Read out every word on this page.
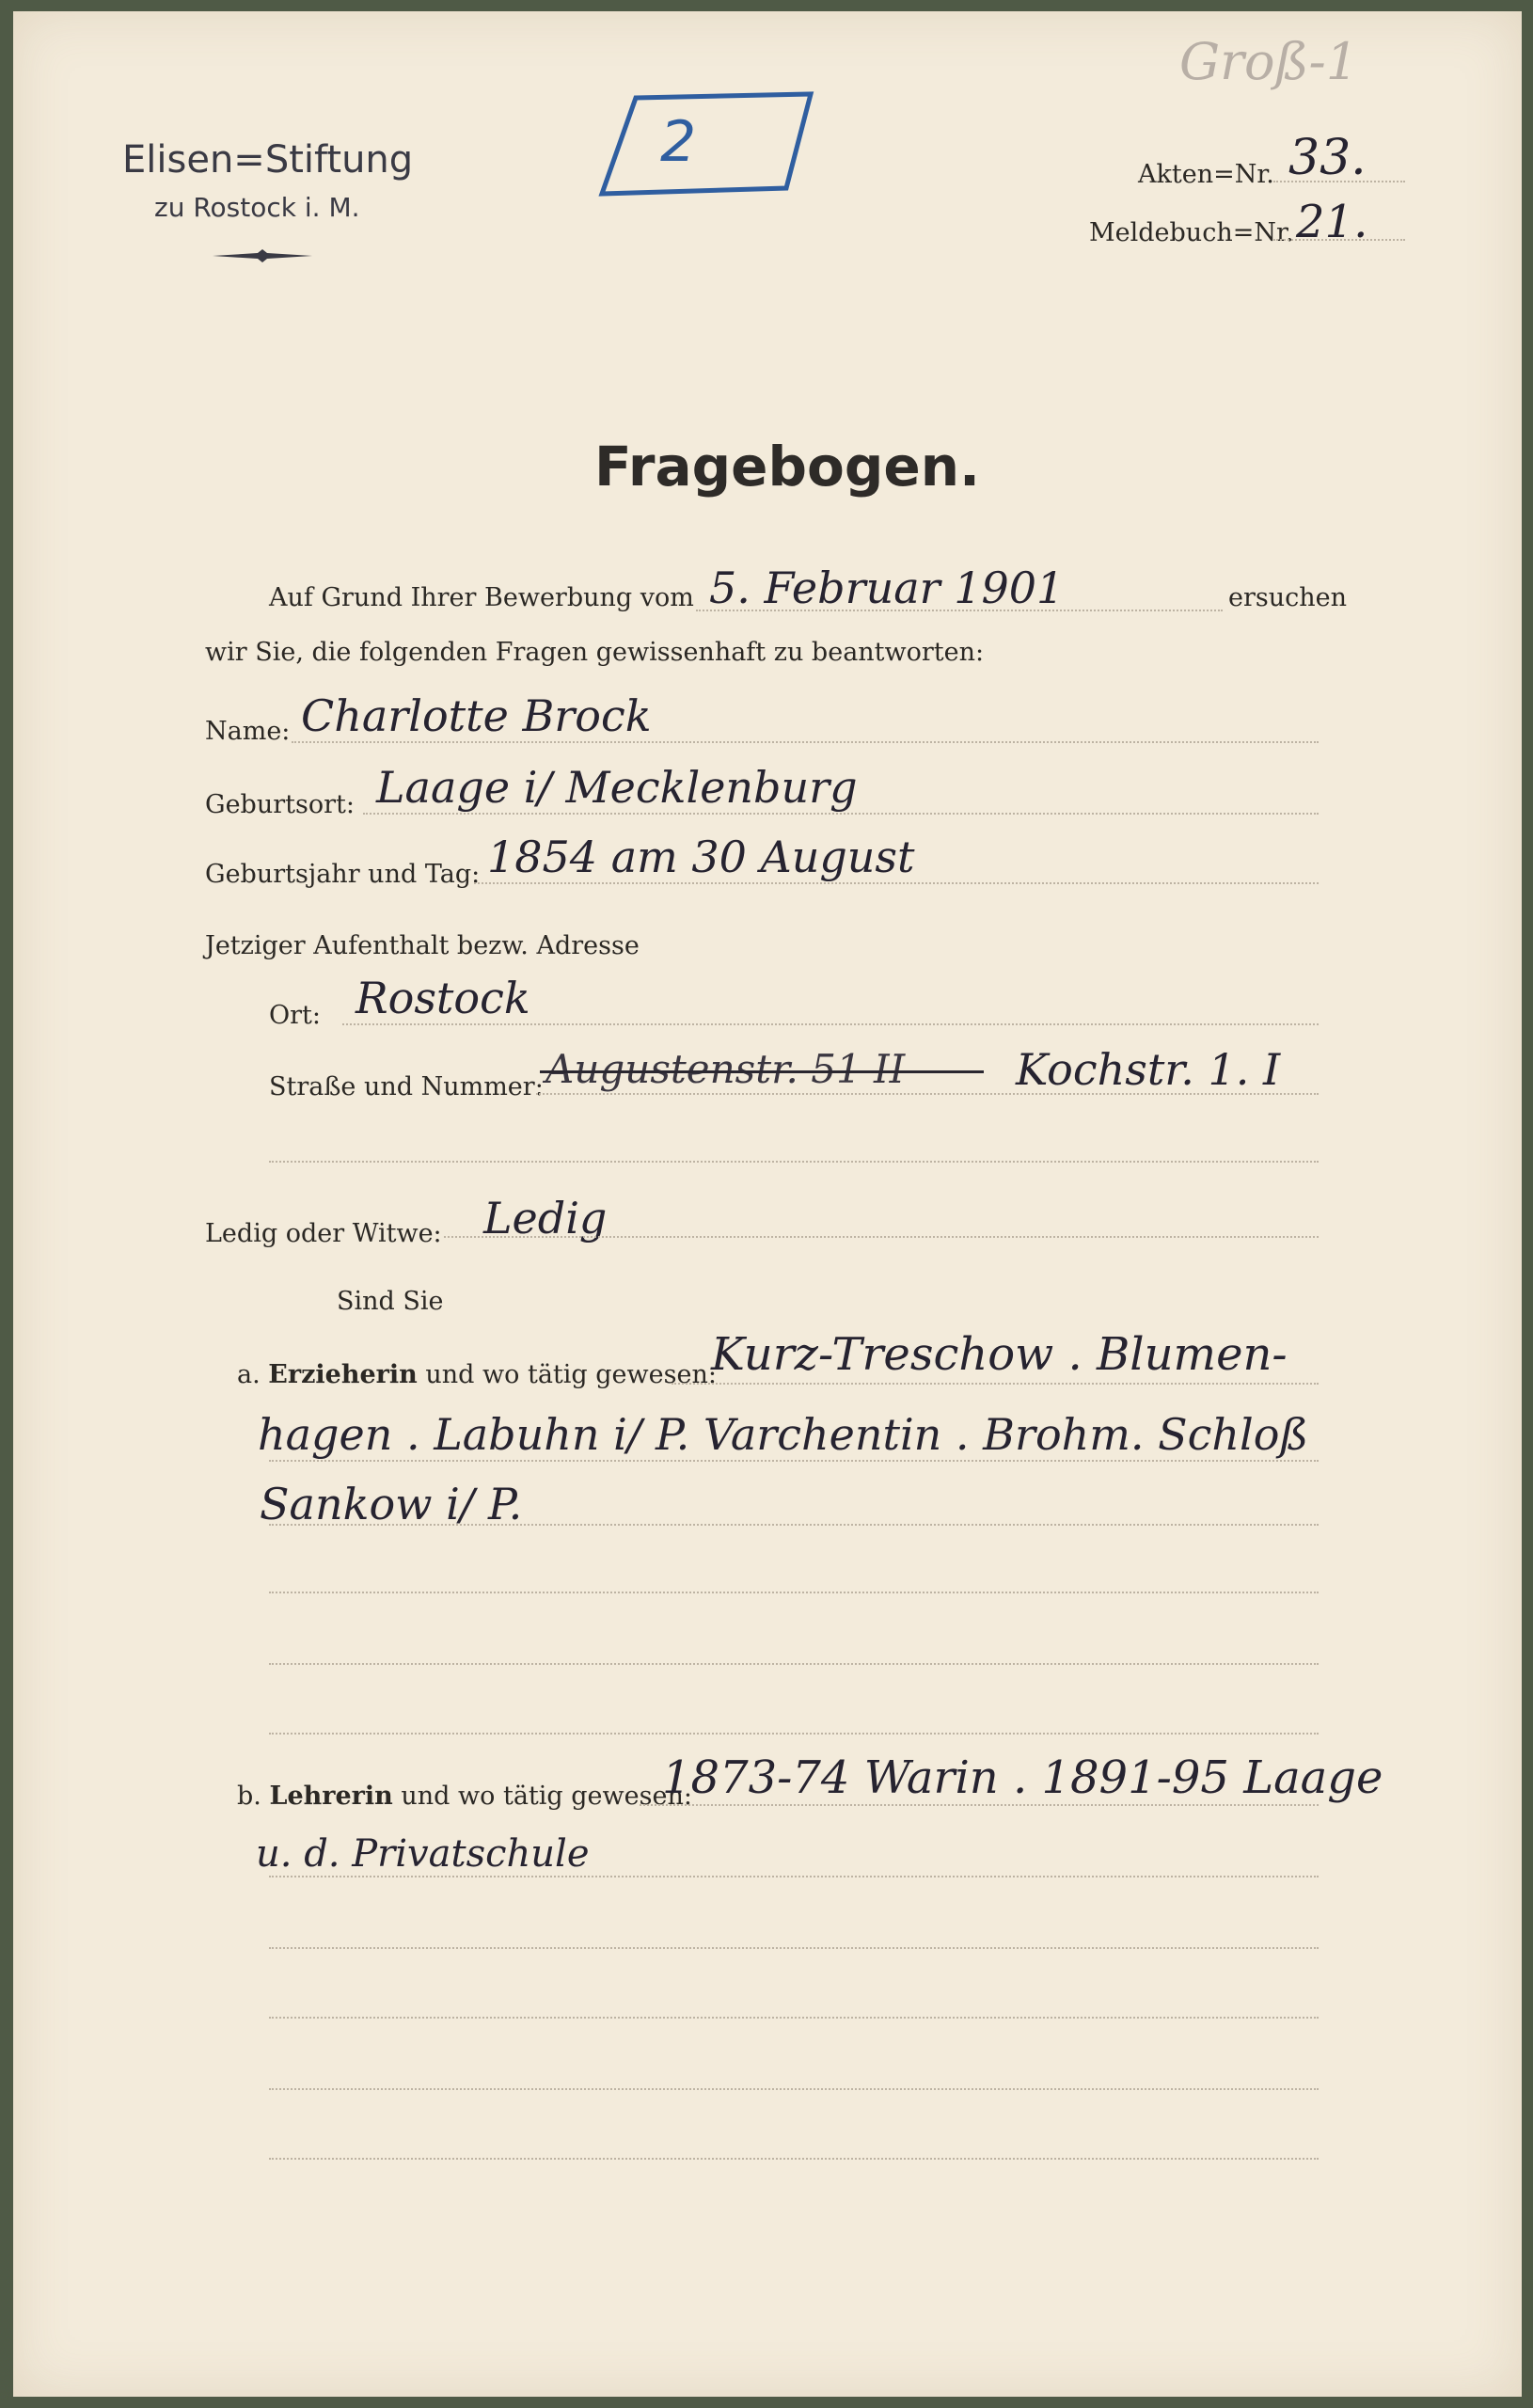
Elisen=Stiftung
zu Rostock i. M.
2
Groß-1
Akten=Nr. 33.
Meldebuch=Nr. 21.
Fragebogen.
Auf Grund Ihrer Bewerbung vom 5. Februar 1901	ersuchen
wir Sie, die folgenden Fragen gewissenhaft zu beantworten:
Name: Charlotte Brock
Geburtsort: Laage i/ Mecklenburg
Geburtsjahr und Tag: 1854 am 30 August
Jetziger Aufenthalt bezw. Adresse
Ort: Rostock
Straße und Nummer: Augustenstr. 51 II	Kochstr. 1. I
Ledig oder Witwe: Ledig
Sind Sie
a. Erzieherin und wo tätig gewesen:
Kurz-Treschow . Blumen-
hagen . Labuhn i/ P. Varchentin . Brohm. Schloß
Sankow i/ P.
b. Lehrerin und wo tätig gewesen:
1873-74 Warin . 1891-95 Laage
u. d. Privatschule
